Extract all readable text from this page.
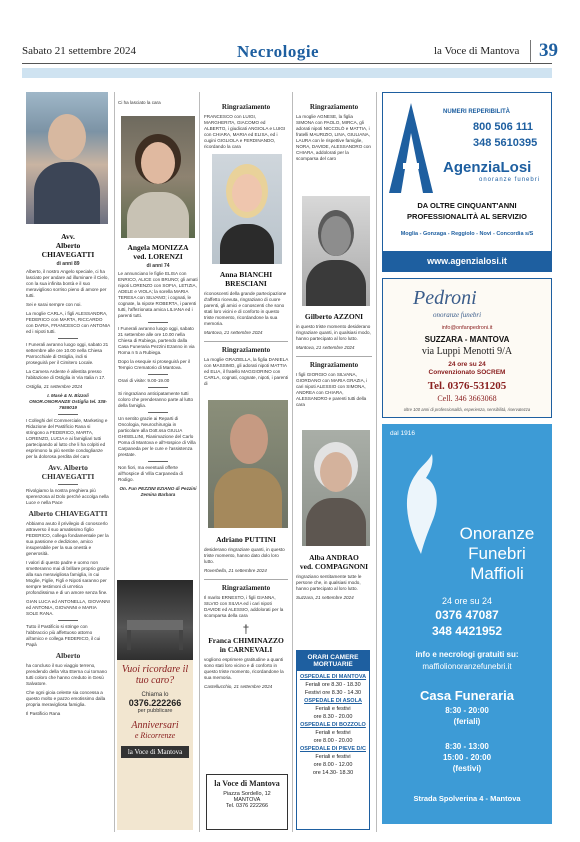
Sabato 21 settembre 2024	Necrologie	la Voce di Mantova	39
Avv.
Alberto
CHIAVEGATTI
di anni 89

Alberto, il nostro Angelo speciale, ci ha lasciato per andare ad illuminare il Cielo, con la sua infinita bontà e il suo meraviglioso sorriso pieno di amore per tutti.

Sei e sarai sempre con noi.

La moglie CARLA, i figli ALESSANDRA, FEDERICO con MARTA, RICCARDO con DARIA, FRANCESCO con ANTONIA ed i nipoti tutti.

I Funerali avranno luogo oggi, sabato 21 settembre alle ore 10.00 nella Chiesa Parrocchiale di Ostiglia, indi si proseguirà per il Cimitero Locale.

La Camera Ardente è allestita presso l'abitazione di Ostiglia in Via Italia n 17.

Ostiglia, 21 settembre 2024

I. Masè & N. Bizzoli ONOR.ONORANZE Ostiglia tel. 338-7659019

I Colleghi del Commerciale, Marketing e Ridazione del Pastificio Rana si stringono a FEDERICO, MARTA, LORENZO, LUCIA e ai famigliari tutti partecipando al lutto che li ha colpiti ed esprimono la più sentite condoglianze per la dolorosa perdita del caro

Avv. Alberto CHIAVEGATTI

Rivolgiamo la nostra preghiera più sperenzosa al Dolo perché accolga nella Luce e nella Pace

Alberto CHIAVEGATTI

Abbiamo avuto il privilegio di conoscerlo attraverso il suo amatissimo figlio FEDERICO, collega fondamentale per la sua passione e dedizione, amico insuperabile per la sua onestà e generosità.

I valori di questo padre e uomo non smetteranno mai di brillare proprio grazie alla sua meravigliosa famiglia, in cui Moglie, Figlie, Figli e Nipoti saranno per sempre testimoni di un'etica profondissima e di un amore senza fine.

GIAN LUCA ed ANTONELLA, GIOVANNI ed ANTONIA, GIOVANNI e MARIA SOLE RANA.

Tutto il Pastificio si stringe con l'abbraccio più affettuoso attorno all'amico e collega FEDERICO, il cui Papà

Alberto

ha concluso il suo viaggio terreno, prendendo della Vita Eterna cui tornano tutti coloro che hanno creduto in Gesù Salvatore.

Che ogni gioia celeste sia concessa a questo molto e pazzo emotissimo dalla propria meravigliosa famiglia.

Il Pastificio Rana

Ci ha lasciato la cara

Angela MONIZZA
ved. LORENZI
di anni 74

Le annunciano le figlie ELISA con ENRICO, ALICE con BRUNO; gli amati nipoti LORENZO con SOFIA, LETIZIA, ADELE e VIOLA; la sorella MARIA TERESA con SILVANO; i cognati, le cognate, la nipote ROBERTA, i parenti tutti, l'affezionata amica LILIANA ed i parenti tutti.

I Funerali avranno luogo oggi, sabato 21 settembre alle ore 10.00 nella Chiesa di Rubiega, partendo dalla Casa Funeraria Pezzini Ezanno in via Roma n 5 a Rubiega.

Dopo la esequie si proseguirà per il Tempio Crematorio di Mantova.

Orari di visite: 9.00-19.00

Si ringraziano anticipatamente tutti coloro che prenderanno parte al lutto della famiglia.

Un sentito grazie ai Reparti di Oncologia, Neurochirurgia in particolare alla Dott.ssa GIULIA GHISELLINI, Rianimazione del Carlo Poma di Mantova e all'Hospice di Villa Carpaneda per le cure e l'assistenza prestate.

Non fiori, ma eventuali offerte all'hospice di Villa Carpaneda di Rodigo.

On. Fun PEZZINI EZIANO di Pezzini Zemina Barbara

Vuoi ricordare il tuo caro?
Chiama lo
0376.222266
per pubblicare
Anniversari
e Ricorrenze
la Voce di Mantova
Ringraziamento

FRANCESCO con LUIGI, MARGHERITA, GIACOMO ed ALBERTO, i giudicati ANGIOLA e LUIGI con CHIARA, MARIA ed ELISA, ed i cugini GIGLIOLA e FERDINANDO, ricordando la cara

Anna BIANCHI
BRESCIANI

riconoscenti della grande partecipazione d'affetto ricevuta, ringraziano di cuore parenti, gli amici e conoscenti che sono stati loro vicini e di conforto in questo triste momento, ricordandone la sua memoria.

Mantova, 21 settembre 2024

Ringraziamento

La moglie GRAZIELLA, la figlia DANIELA con MASSIMO, gli adorati nipoti MATTIA ed ELIA, il fratello MAGGIORINO con CARLA, cognati, cognate, nipoti, i parenti di

Adriano PUTTINI

desiderano ringraziare quanti, in questo triste momento, hanno dato dolo loro lutto.

Roverbella, 21 settembre 2024

Ringraziamento

Il marito ERNESTO, i figli GIANNA, SILVIO con SILVIA ed i cari nipoti DAVIDE ed ALESSIO, addolorati per la scomparsa della cara

†
Franca CHIMINAZZO
in CARNEVALI

vogliono esprimere gratitudine a quanti sono stati loro vicino e di conforto in questo triste momento, ricordandone la sua memoria.

Castellucchio, 21 settembre 2024

la Voce di Mantova
Piazza Sordello, 12
MANTOVA
Tel. 0376 222266
Ringraziamento

La moglie AGNESE, la figlia SIMONA con PAOLO, MIRCA, gli adorati nipoti NICCOLÒ e MATTIA, i fratelli MAURIZIO, LINA, GIULIANA, LAURA con le rispettive famiglie, NORA, DAVIDE, ALESSANDRO con CHIARA, addolorati per la scomparsa del caro

Gilberto AZZONI

in questo triste momento desiderano ringraziare quanti, in qualsiasi modo, hanno partecipato al loro lutto.

Mantova, 21 settembre 2024

Ringraziamento

I figli GIORGIO con SILVANA, GIORDANO con MARIA GRAZIA, i cari nipoti ALESSIO con SIMONA, ANDREA con CHIARA, ALESSANDRO e parenti tutti della cara

Alba ANDRAO
ved. COMPAGNONI

ringraziano sentitamente tutte le persone che, in qualsiasi modo, hanno partecipato al loro lutto.

Suzzara, 21 settembre 2024

ORARI CAMERE MORTUARIE
OSPEDALE DI MANTOVA
Feriali ore 8.30 - 18.30
Festivi ore 8.30 - 14.30
OSPEDALE DI ASOLA
Feriali e festivi
ore 8.30 - 20.00
OSPEDALE DI BOZZOLO
Feriali e festivi
ore 8.00 - 20.00
OSPEDALE DI PIEVE D/C
Feriali e festivi
ore 8.00 - 12.00
ore 14.30- 18.30
NUMERI REPERIBILITÀ
800 506 111
348 5610395
AgenziaLosi
onoranze funebri
DA OLTRE CINQUANT'ANNI
PROFESSIONALITÀ AL SERVIZIO
Moglia - Gonzaga - Reggiolo - Novi - Concordia s/S
www.agenzialosi.it
Pedroni
onoranze funebri
info@onfanpedroni.it
SUZZARA - MANTOVA
via Luppi Menotti 9/A
24 ore su 24
Convenzionato SOCREM
Tel. 0376-531205
Cell. 346 3663068
oltre 100 anni di professionalità, esperienza, sensibilità, riservatezza
dal 1916
Onoranze
Funebri
Maffioli
24 ore su 24
0376 47087
348 4421952
info e necrologi gratuiti su:
maffiolionoranzefunebri.it
Casa Funeraria
8:30 - 20:00
(feriali)
8:30 - 13:00
15:00 - 20:00
(festivi)
Strada Spolverina 4 - Mantova
